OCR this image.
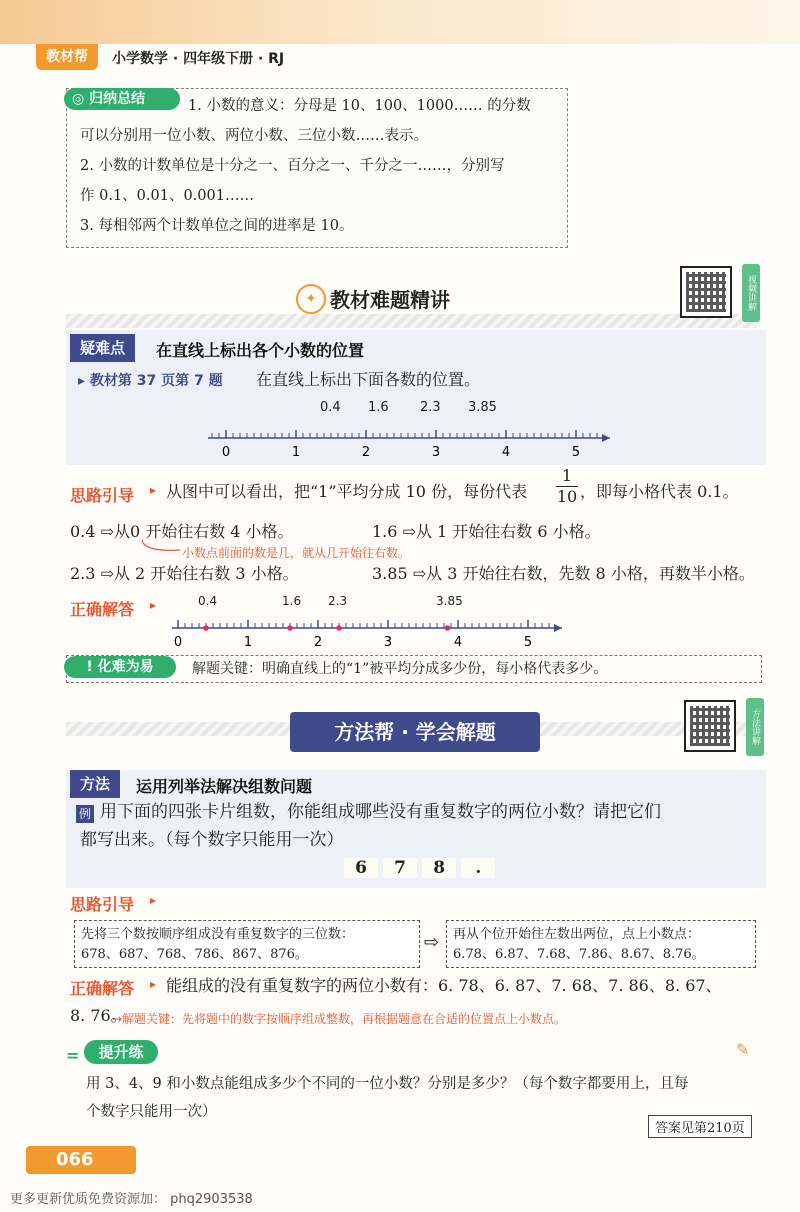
教材帮	小学数学 · 四年级下册 · RJ
◎ 归纳总结	1. 小数的意义：分母是 10、100、1000…… 的分数
可以分别用一位小数、两位小数、三位小数……表示。
2. 小数的计数单位是十分之一、百分之一、千分之一……，分别写
作 0.1、0.01、0.001……
3. 每相邻两个计数单位之间的进率是 10。
✦ 教材难题精讲	视频讲解
疑难点	在直线上标出各个小数的位置
▸ 教材第 37 页第 7 题 在直线上标出下面各数的位置。
0.4 1.6 2.3 3.85
0	1	2	3	4	5
思路引导 ▸ 从图中可以看出，把“1”平均分成 10 份，每份代表 $\frac{1}{10}$ ，即每小格代表 0.1。
0.4 ⇨从0 开始往右数 4 小格。	1.6 ⇨从 1 开始往右数 6 小格。
小数点前面的数是几，就从几开始往右数。
2.3 ⇨从 2 开始往右数 3 小格。	3.85 ⇨从 3 开始往右数，先数 8 小格，再数半小格。
正确解答 ▸	0.4	1.6 2.3	3.85
0	1	2	3	4	5
! 化难为易	解题关键：明确直线上的“1”被平均分成多少份，每小格代表多少。
方法帮 · 学会解题	方法讲解
方法	运用列举法解决组数问题
例 用下面的四张卡片组数，你能组成哪些没有重复数字的两位小数？请把它们
都写出来。（每个数字只能用一次）
6 7 8 .
思路引导 ▸
先将三个数按顺序组成没有重复数字的三位数：
678、687、768、786、867、876。
⇨ 再从个位开始往左数出两位，点上小数点：
6.78、6.87、7.68、7.86、8.67、8.76。
正确解答 ▸ 能组成的没有重复数字的两位小数有：6. 78、6. 87、7. 68、7. 86、8. 67、
8. 76。
→解题关键：先将题中的数字按顺序组成整数，再根据题意在合适的位置点上小数点。
=	提升练	✎
用 3、4、9 和小数点能组成多少个不同的一位小数？分别是多少？（每个数字都要用上，且每
个数字只能用一次）
答案见第210页
066
更多更新优质免费资源加： phq2903538
